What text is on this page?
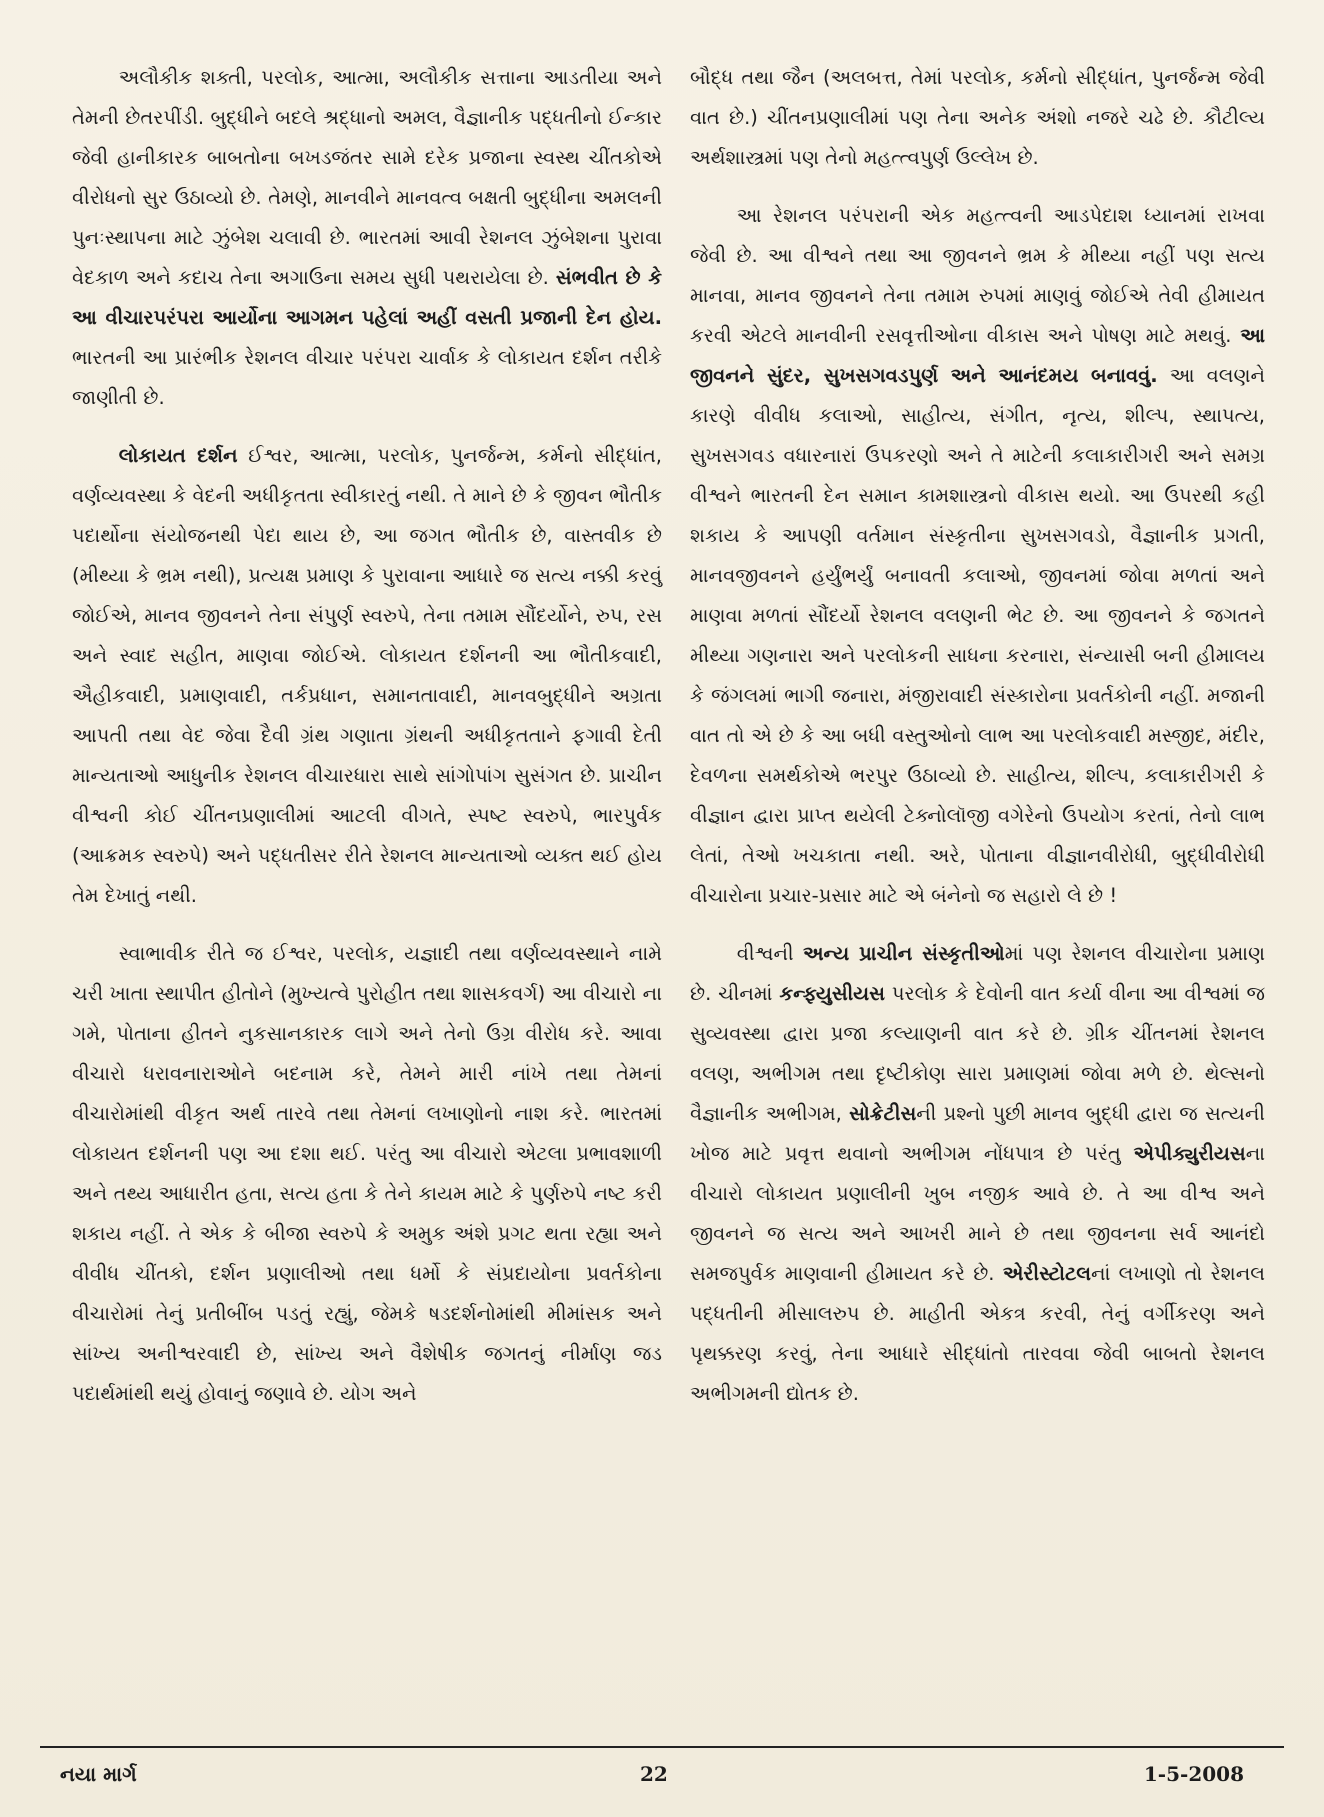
અલૌકીક શક્તી, પરલોક, આત્મા, અલૌકીક સત્તાના આડતીયા અને તેમની છેતરપીંડી. બુદ્ધીને બદલે શ્રદ્ધાનો અમલ, વૈજ્ઞાનીક પદ્ધતીનો ઈન્કાર જેવી હાનીકારક બાબતોના બખડજંતર સામે દરેક પ્રજાના સ્વસ્થ ચીંતકોએ વીરોધનો સુર ઉઠાવ્યો છે. તેમણે, માનવીને માનવત્વ બક્ષતી બુદ્ધીના અમલની પુનઃસ્થાપના માટે ઝુંબેશ ચલાવી છે. ભારતમાં આવી રેશનલ ઝુંબેશના પુરાવા વેદકાળ અને કદાચ તેના અગાઉના સમય સુધી પથરાયેલા છે. સંભવીત છે કે આ વીચારપરંપરા આર્યોના આગમન પહેલાં અહીં વસતી પ્રજાની દેન હોય. ભારતની આ પ્રારંભીક રેશનલ વીચાર પરંપરા ચાર્વાક કે લોકાયત દર્શન તરીકે જાણીતી છે.

લોકાયત દર્શન ઈશ્વર, આત્મા, પરલોક, પુનર્જન્મ, કર્મનો સીદ્ધાંત, વર્ણવ્યવસ્થા કે વેદની અધીકૃતતા સ્વીકારતું નથી. તે માને છે કે જીવન ભૌતીક પદાર્થોના સંયોજનથી પેદા થાય છે, આ જગત ભૌતીક છે, વાસ્તવીક છે (મીથ્યા કે ભ્રમ નથી), પ્રત્યક્ષ પ્રમાણ કે પુરાવાના આધારે જ સત્ય નક્કી કરવું જોઈએ, માનવ જીવનને તેના સંપુર્ણ સ્વરુપે, તેના તમામ સૌંદર્યોને, રુપ, રસ અને સ્વાદ સહીત, માણવા જોઈએ. લોકાયત દર્શનની આ ભૌતીકવાદી, ઐહીકવાદી, પ્રમાણવાદી, તર્કપ્રધાન, સમાનતાવાદી, માનવબુદ્ધીને અગ્રતા આપતી તથા વેદ જેવા દૈવી ગ્રંથ ગણાતા ગ્રંથની અધીકૃતતાને ફગાવી દેતી માન્યતાઓ આધુનીક રેશનલ વીચારધારા સાથે સાંગોપાંગ સુસંગત છે. પ્રાચીન વીશ્વની કોઈ ચીંતનપ્રણાલીમાં આટલી વીગતે, સ્પષ્ટ સ્વરુપે, ભારપુર્વક (આક્રમક સ્વરુપે) અને પદ્ધતીસર રીતે રેશનલ માન્યતાઓ વ્યક્ત થઈ હોય તેમ દેખાતું નથી.

સ્વાભાવીક રીતે જ ઈશ્વર, પરલોક, યજ્ઞાદી તથા વર્ણવ્યવસ્થાને નામે ચરી ખાતા સ્થાપીત હીતોને (મુખ્યત્વે પુરોહીત તથા શાસકવર્ગ) આ વીચારો ના ગમે, પોતાના હીતને નુકસાનકારક લાગે અને તેનો ઉગ્ર વીરોધ કરે. આવા વીચારો ધરાવનારાઓને બદનામ કરે, તેમને મારી નાંખે તથા તેમનાં વીચારોમાંથી વીકૃત અર્થ તારવે તથા તેમનાં લખાણોનો નાશ કરે. ભારતમાં લોકાયત દર્શનની પણ આ દશા થઈ. પરંતુ આ વીચારો એટલા પ્રભાવશાળી અને તથ્ય આધારીત હતા, સત્ય હતા કે તેને કાયમ માટે કે પુર્ણરુપે નષ્ટ કરી શકાય નહીં. તે એક કે બીજા સ્વરુપે કે અમુક અંશે પ્રગટ થતા રહ્યા અને વીવીધ ચીંતકો, દર્શન પ્રણાલીઓ તથા ધર્મો કે સંપ્રદાયોના પ્રવર્તકોના વીચારોમાં તેનું પ્રતીબીંબ પડતું રહ્યું, જેમકે ષડદર્શનોમાંથી મીમાંસક અને સાંખ્ય અનીશ્વરવાદી છે, સાંખ્ય અને વૈશેષીક જગતનું નીર્માણ જડ પદાર્થમાંથી થયું હોવાનું જણાવે છે. યોગ અને

બૌદ્ધ તથા જૈન (અલબત્ત, તેમાં પરલોક, કર્મનો સીદ્ધાંત, પુનર્જન્મ જેવી વાત છે.) ચીંતનપ્રણાલીમાં પણ તેના અનેક અંશો નજરે ચઢે છે. કૌટીલ્ય અર્થશાસ્ત્રમાં પણ તેનો મહત્ત્વપુર્ણ ઉલ્લેખ છે.

આ રેશનલ પરંપરાની એક મહત્ત્વની આડપેદાશ ધ્યાનમાં રાખવા જેવી છે. આ વીશ્વને તથા આ જીવનને ભ્રમ કે મીથ્યા નહીં પણ સત્ય માનવા, માનવ જીવનને તેના તમામ રુપમાં માણવું જોઈએ તેવી હીમાયત કરવી એટલે માનવીની રસવૃત્તીઓના વીકાસ અને પોષણ માટે મથવું. આ જીવનને સુંદર, સુખસગવડપુર્ણ અને આનંદમય બનાવવું. આ વલણને કારણે વીવીધ કલાઓ, સાહીત્ય, સંગીત, નૃત્ય, શીલ્પ, સ્થાપત્ય, સુખસગવડ વધારનારાં ઉપકરણો અને તે માટેની કલાકારીગરી અને સમગ્ર વીશ્વને ભારતની દેન સમાન કામશાસ્ત્રનો વીકાસ થયો. આ ઉપરથી કહી શકાય કે આપણી વર્તમાન સંસ્કૃતીના સુખસગવડો, વૈજ્ઞાનીક પ્રગતી, માનવજીવનને હર્યુંભર્યું બનાવતી કલાઓ, જીવનમાં જોવા મળતાં અને માણવા મળતાં સૌંદર્યો રેશનલ વલણની ભેટ છે. આ જીવનને કે જગતને મીથ્યા ગણનારા અને પરલોકની સાધના કરનારા, સંન્યાસી બની હીમાલય કે જંગલમાં ભાગી જનારા, મંજીરાવાદી સંસ્કારોના પ્રવર્તકોની નહીં. મજાની વાત તો એ છે કે આ બધી વસ્તુઓનો લાભ આ પરલોકવાદી મસ્જીદ, મંદીર, દેવળના સમર્થકોએ ભરપુર ઉઠાવ્યો છે. સાહીત્ય, શીલ્પ, કલાકારીગરી કે વીજ્ઞાન દ્વારા પ્રાપ્ત થયેલી ટેક્નોલૉજી વગેરેનો ઉપયોગ કરતાં, તેનો લાભ લેતાં, તેઓ ખચકાતા નથી. અરે, પોતાના વીજ્ઞાનવીરોધી, બુદ્ધીવીરોધી વીચારોના પ્રચાર-પ્રસાર માટે એ બંનેનો જ સહારો લે છે !

વીશ્વની અન્ય પ્રાચીન સંસ્કૃતીઓમાં પણ રેશનલ વીચારોના પ્રમાણ છે. ચીનમાં કન્ફ્યુસીયસ પરલોક કે દેવોની વાત કર્યા વીના આ વીશ્વમાં જ સુવ્યવસ્થા દ્વારા પ્રજા કલ્યાણની વાત કરે છે. ગ્રીક ચીંતનમાં રેશનલ વલણ, અભીગમ તથા દૃષ્ટીકોણ સારા પ્રમાણમાં જોવા મળે છે. થેલ્સનો વૈજ્ઞાનીક અભીગમ, સોક્રેટીસની પ્રશ્નો પુછી માનવ બુદ્ધી દ્વારા જ સત્યની ખોજ માટે પ્રવૃત્ત થવાનો અભીગમ નોંધપાત્ર છે પરંતુ એપીક્યુરીયસના વીચારો લોકાયત પ્રણાલીની ખુબ નજીક આવે છે. તે આ વીશ્વ અને જીવનને જ સત્ય અને આખરી માને છે તથા જીવનના સર્વ આનંદો સમજપુર્વક માણવાની હીમાયત કરે છે. એરીસ્ટોટલનાં લખાણો તો રેશનલ પદ્ધતીની મીસાલરુપ છે. માહીતી એકત્ર કરવી, તેનું વર્ગીકરણ અને પૃથક્કરણ કરવું, તેના આધારે સીદ્ધાંતો તારવવા જેવી બાબતો રેશનલ અભીગમની દ્યોતક છે.

નયા માર્ગ	22	1-5-2008
